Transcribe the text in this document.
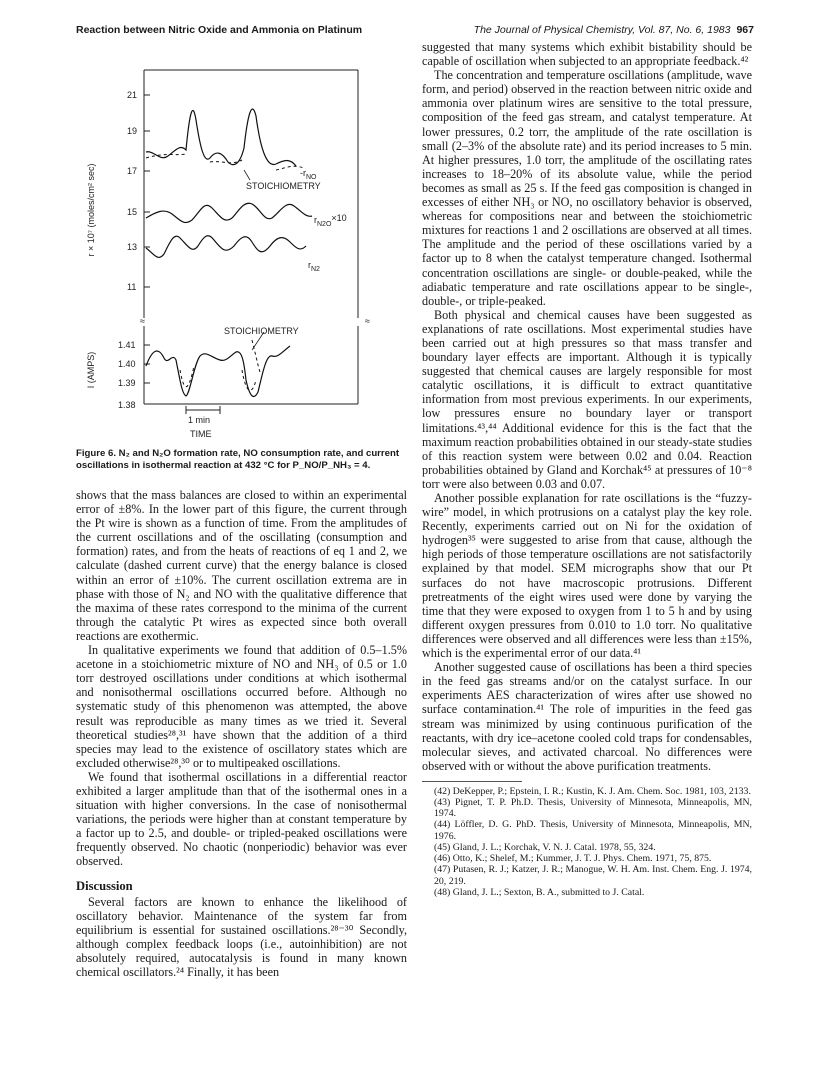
Reaction between Nitric Oxide and Ammonia on Platinum	The Journal of Physical Chemistry, Vol. 87, No. 6, 1983 967
≈	≈
21
19
17
15
13
11
1.41
1.40
1.39
1.38
r × 10⁷ (moles/cm² sec)
I (AMPS)
$-r_{NO}$
STOICHIOMETRY
$r_{N2O}\times 10$
$r_{N2}$
STOICHIOMETRY
1 min
TIME
Figure 6. N₂ and N₂O formation rate, NO consumption rate, and current oscillations in isothermal reaction at 432 °C for P_NO/P_NH₃ = 4.

shows that the mass balances are closed to within an experimental error of ±8%. In the lower part of this figure, the current through the Pt wire is shown as a function of time. From the amplitudes of the current oscillations and of the oscillating (consumption and formation) rates, and from the heats of reactions of eq 1 and 2, we calculate (dashed current curve) that the energy balance is closed within an error of ±10%. The current oscillation extrema are in phase with those of N₂ and NO with the qualitative difference that the maxima of these rates correspond to the minima of the current through the catalytic Pt wires as expected since both overall reactions are exothermic.

In qualitative experiments we found that addition of 0.5–1.5% acetone in a stoichiometric mixture of NO and NH₃ of 0.5 or 1.0 torr destroyed oscillations under conditions at which isothermal and nonisothermal oscillations occurred before. Although no systematic study of this phenomenon was attempted, the above result was reproducible as many times as we tried it. Several theoretical studies²⁸,³¹ have shown that the addition of a third species may lead to the existence of oscillatory states which are excluded otherwise²⁸,³⁰ or to multipeaked oscillations.

We found that isothermal oscillations in a differential reactor exhibited a larger amplitude than that of the isothermal ones in a situation with higher conversions. In the case of nonisothermal variations, the periods were higher than at constant temperature by a factor up to 2.5, and double- or tripled-peaked oscillations were frequently observed. No chaotic (nonperiodic) behavior was ever observed.

Discussion

Several factors are known to enhance the likelihood of oscillatory behavior. Maintenance of the system far from equilibrium is essential for sustained oscillations.²⁸⁻³⁰ Secondly, although complex feedback loops (i.e., autoinhibition) are not absolutely required, autocatalysis is found in many known chemical oscillators.²⁴ Finally, it has been

suggested that many systems which exhibit bistability should be capable of oscillation when subjected to an appropriate feedback.⁴²

The concentration and temperature oscillations (amplitude, wave form, and period) observed in the reaction between nitric oxide and ammonia over platinum wires are sensitive to the total pressure, composition of the feed gas stream, and catalyst temperature. At lower pressures, 0.2 torr, the amplitude of the rate oscillation is small (2–3% of the absolute rate) and its period increases to 5 min. At higher pressures, 1.0 torr, the amplitude of the oscillating rates increases to 18–20% of its absolute value, while the period becomes as small as 25 s. If the feed gas composition is changed in excesses of either NH₃ or NO, no oscillatory behavior is observed, whereas for compositions near and between the stoichiometric mixtures for reactions 1 and 2 oscillations are observed at all times. The amplitude and the period of these oscillations varied by a factor up to 8 when the catalyst temperature changed. Isothermal concentration oscillations are single- or double-peaked, while the adiabatic temperature and rate oscillations appear to be single-, double-, or triple-peaked.

Both physical and chemical causes have been suggested as explanations of rate oscillations. Most experimental studies have been carried out at high pressures so that mass transfer and boundary layer effects are important. Although it is typically suggested that chemical causes are largely responsible for most catalytic oscillations, it is difficult to extract quantitative information from most previous experiments. In our experiments, low pressures ensure no boundary layer or transport limitations.⁴³,⁴⁴ Additional evidence for this is the fact that the maximum reaction probabilities obtained in our steady-state studies of this reaction system were between 0.02 and 0.04. Reaction probabilities obtained by Gland and Korchak⁴⁵ at pressures of 10⁻⁸ torr were also between 0.03 and 0.07.

Another possible explanation for rate oscillations is the “fuzzy-wire” model, in which protrusions on a catalyst play the key role. Recently, experiments carried out on Ni for the oxidation of hydrogen³⁵ were suggested to arise from that cause, although the high periods of those temperature oscillations are not satisfactorily explained by that model. SEM micrographs show that our Pt surfaces do not have macroscopic protrusions. Different pretreatments of the eight wires used were done by varying the time that they were exposed to oxygen from 1 to 5 h and by using different oxygen pressures from 0.010 to 1.0 torr. No qualitative differences were observed and all differences were less than ±15%, which is the experimental error of our data.⁴¹

Another suggested cause of oscillations has been a third species in the feed gas streams and/or on the catalyst surface. In our experiments AES characterization of wires after use showed no surface contamination.⁴¹ The role of impurities in the feed gas stream was minimized by using continuous purification of the reactants, with dry ice–acetone cooled cold traps for condensables, molecular sieves, and activated charcoal. No differences were observed with or without the above purification treatments.

(42) DeKepper, P.; Epstein, I. R.; Kustin, K. J. Am. Chem. Soc. 1981, 103, 2133.

(43) Pignet, T. P. Ph.D. Thesis, University of Minnesota, Minneapolis, MN, 1974.

(44) Löffler, D. G. PhD. Thesis, University of Minnesota, Minneapolis, MN, 1976.

(45) Gland, J. L.; Korchak, V. N. J. Catal. 1978, 55, 324.

(46) Otto, K.; Shelef, M.; Kummer, J. T. J. Phys. Chem. 1971, 75, 875.

(47) Putasen, R. J.; Katzer, J. R.; Manogue, W. H. Am. Inst. Chem. Eng. J. 1974, 20, 219.

(48) Gland, J. L.; Sexton, B. A., submitted to J. Catal.
